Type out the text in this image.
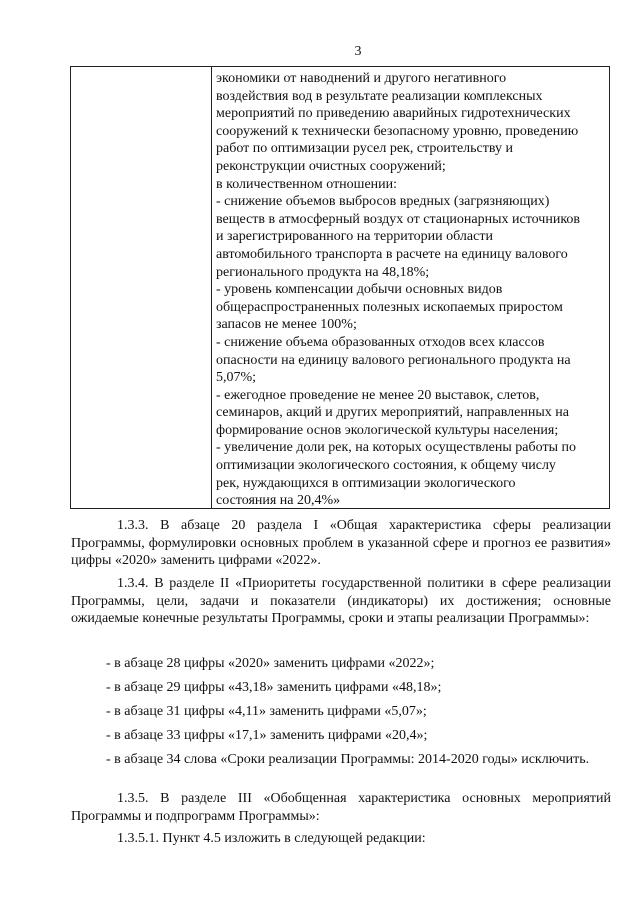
3
экономики от наводнений и другого негативного
воздействия вод в результате реализации комплексных
мероприятий по приведению аварийных гидротехнических
сооружений к технически безопасному уровню, проведению
работ по оптимизации русел рек, строительству и
реконструкции очистных сооружений;
в количественном отношении:
- снижение объемов выбросов вредных (загрязняющих)
веществ в атмосферный воздух от стационарных источников
и зарегистрированного на территории области
автомобильного транспорта в расчете на единицу валового
регионального продукта на 48,18%;
- уровень компенсации добычи основных видов
общераспространенных полезных ископаемых приростом
запасов не менее 100%;
- снижение объема образованных отходов всех классов
опасности на единицу валового регионального продукта на
5,07%;
- ежегодное проведение не менее 20 выставок, слетов,
семинаров, акций и других мероприятий, направленных на
формирование основ экологической культуры населения;
- увеличение доли рек, на которых осуществлены работы по
оптимизации экологического состояния, к общему числу
рек, нуждающихся в оптимизации экологического
состояния на 20,4%»
1.3.3. В абзаце 20 раздела I «Общая характеристика сферы реализации Программы, формулировки основных проблем в указанной сфере и прогноз ее развития» цифры «2020» заменить цифрами «2022».
1.3.4. В разделе II «Приоритеты государственной политики в сфере реализации Программы, цели, задачи и показатели (индикаторы) их достижения; основные ожидаемые конечные результаты Программы, сроки и этапы реализации Программы»:
- в абзаце 28 цифры «2020» заменить цифрами «2022»;
- в абзаце 29 цифры «43,18» заменить цифрами «48,18»;
- в абзаце 31 цифры «4,11» заменить цифрами «5,07»;
- в абзаце 33 цифры «17,1» заменить цифрами «20,4»;
- в абзаце 34 слова «Сроки реализации Программы: 2014-2020 годы» исключить.
1.3.5. В разделе III «Обобщенная характеристика основных мероприятий Программы и подпрограмм Программы»:
1.3.5.1. Пункт 4.5 изложить в следующей редакции:
